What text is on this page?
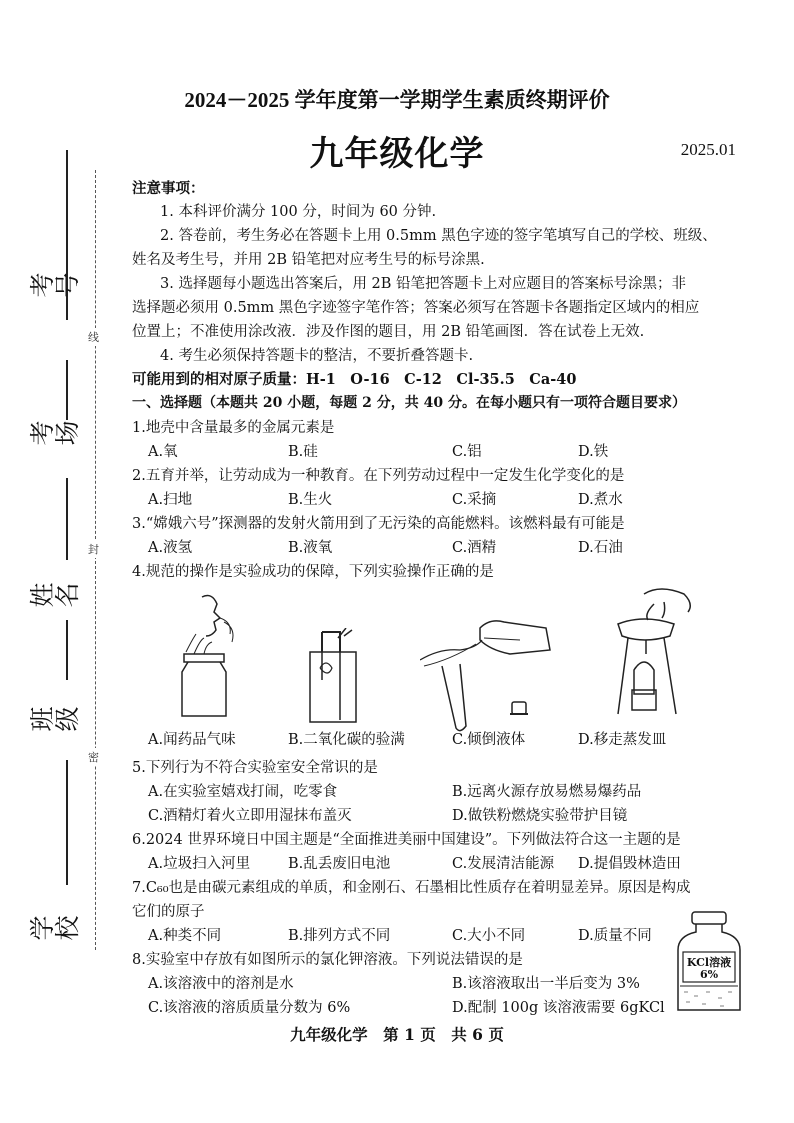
考号
考场
姓名
班级
学校
线
封
密
2024－2025 学年度第一学期学生素质终期评价
九年级化学	2025.01
注意事项：
1. 本科评价满分 100 分，时间为 60 分钟.
2. 答卷前，考生务必在答题卡上用 0.5mm 黑色字迹的签字笔填写自己的学校、班级、
姓名及考生号，并用 2B 铅笔把对应考生号的标号涂黑.
3. 选择题每小题选出答案后，用 2B 铅笔把答题卡上对应题目的答案标号涂黑；非
选择题必须用 0.5mm 黑色字迹签字笔作答；答案必须写在答题卡各题指定区域内的相应
位置上；不准使用涂改液．涉及作图的题目，用 2B 铅笔画图．答在试卷上无效.
4. 考生必须保持答题卡的整洁，不要折叠答题卡.
可能用到的相对原子质量：H-1　O-16　C-12　Cl-35.5　Ca-40
一、选择题（本题共 20 小题，每题 2 分，共 40 分。在每小题只有一项符合题目要求）
1.地壳中含量最多的金属元素是
A.氧	B.硅	C.铝	D.铁
2.五育并举，让劳动成为一种教育。在下列劳动过程中一定发生化学变化的是
A.扫地	B.生火	C.采摘	D.煮水
3.“嫦娥六号”探测器的发射火箭用到了无污染的高能燃料。该燃料最有可能是
A.液氢	B.液氧	C.酒精	D.石油
4.规范的操作是实验成功的保障，下列实验操作正确的是
A.闻药品气味	B.二氧化碳的验满	C.倾倒液体	D.移走蒸发皿
5.下列行为不符合实验室安全常识的是
A.在实验室嬉戏打闹，吃零食	B.远离火源存放易燃易爆药品
C.酒精灯着火立即用湿抹布盖灭	D.做铁粉燃烧实验带护目镜
6.2024 世界环境日中国主题是“全面推进美丽中国建设”。下列做法符合这一主题的是
A.垃圾扫入河里	B.乱丢废旧电池	C.发展清洁能源 D.提倡毁林造田
7.C₆₀也是由碳元素组成的单质，和金刚石、石墨相比性质存在着明显差异。原因是构成
它们的原子
A.种类不同	B.排列方式不同	C.大小不同	D.质量不同
8.实验室中存放有如图所示的氯化钾溶液。下列说法错误的是
A.该溶液中的溶剂是水	B.该溶液取出一半后变为 3%
C.该溶液的溶质质量分数为 6%	D.配制 100g 该溶液需要 6gKCl
KCl溶液
6%
九年级化学　第 1 页　共 6 页
